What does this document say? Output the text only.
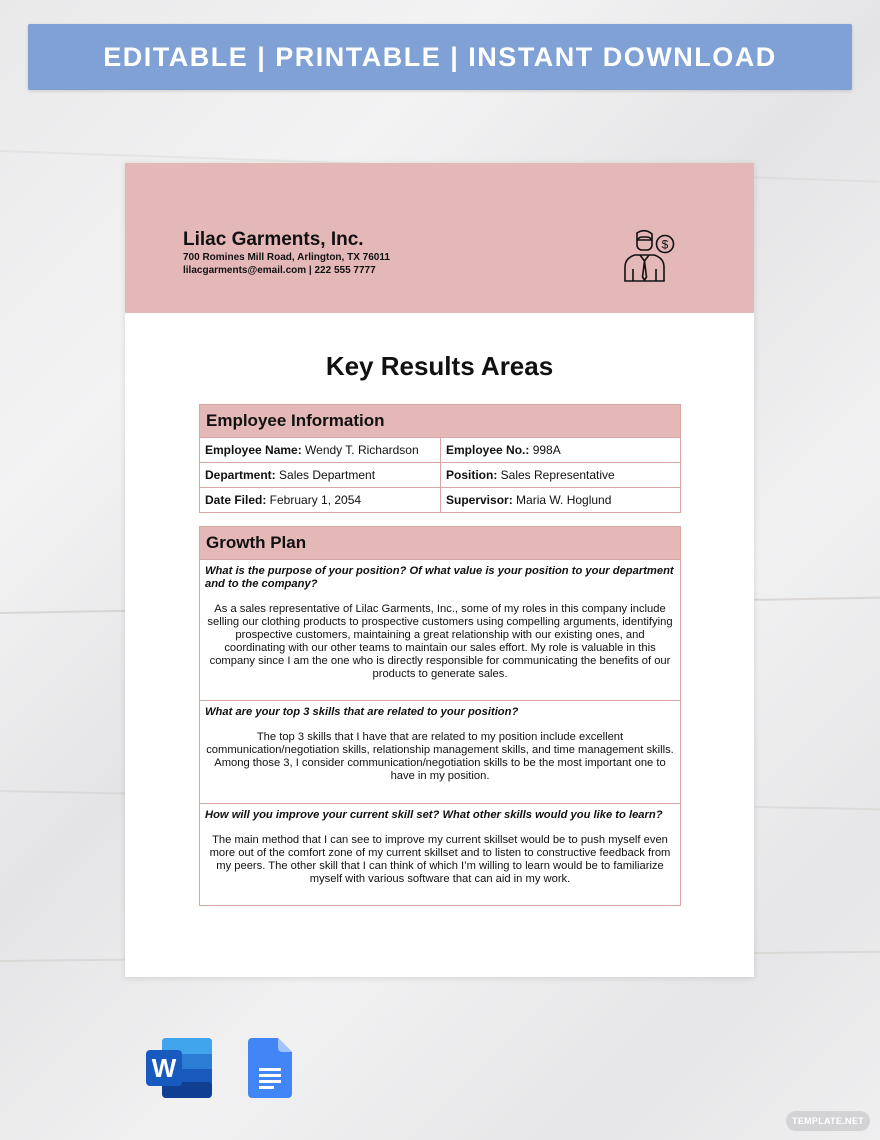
EDITABLE | PRINTABLE | INSTANT DOWNLOAD
Lilac Garments, Inc.
700 Romines Mill Road, Arlington, TX 76011
lilacgarments@email.com | 222 555 7777
$
Key Results Areas
Employee Information
Employee Name: Wendy T. Richardson	Employee No.: 998A
Department: Sales Department	Position: Sales Representative
Date Filed: February 1, 2054	Supervisor: Maria W. Hoglund
Growth Plan
What is the purpose of your position? Of what value is your position to your department and to the company?
As a sales representative of Lilac Garments, Inc., some of my roles in this company include selling our clothing products to prospective customers using compelling arguments, identifying prospective customers, maintaining a great relationship with our existing ones, and coordinating with our other teams to maintain our sales effort. My role is valuable in this company since I am the one who is directly responsible for communicating the benefits of our products to generate sales.
What are your top 3 skills that are related to your position?
The top 3 skills that I have that are related to my position include excellent communication/negotiation skills, relationship management skills, and time management skills. Among those 3, I consider communication/negotiation skills to be the most important one to have in my position.
How will you improve your current skill set? What other skills would you like to learn?
The main method that I can see to improve my current skillset would be to push myself even more out of the comfort zone of my current skillset and to listen to constructive feedback from my peers. The other skill that I can think of which I’m willing to learn would be to familiarize myself with various software that can aid in my work.
W
TEMPLATE.NET
